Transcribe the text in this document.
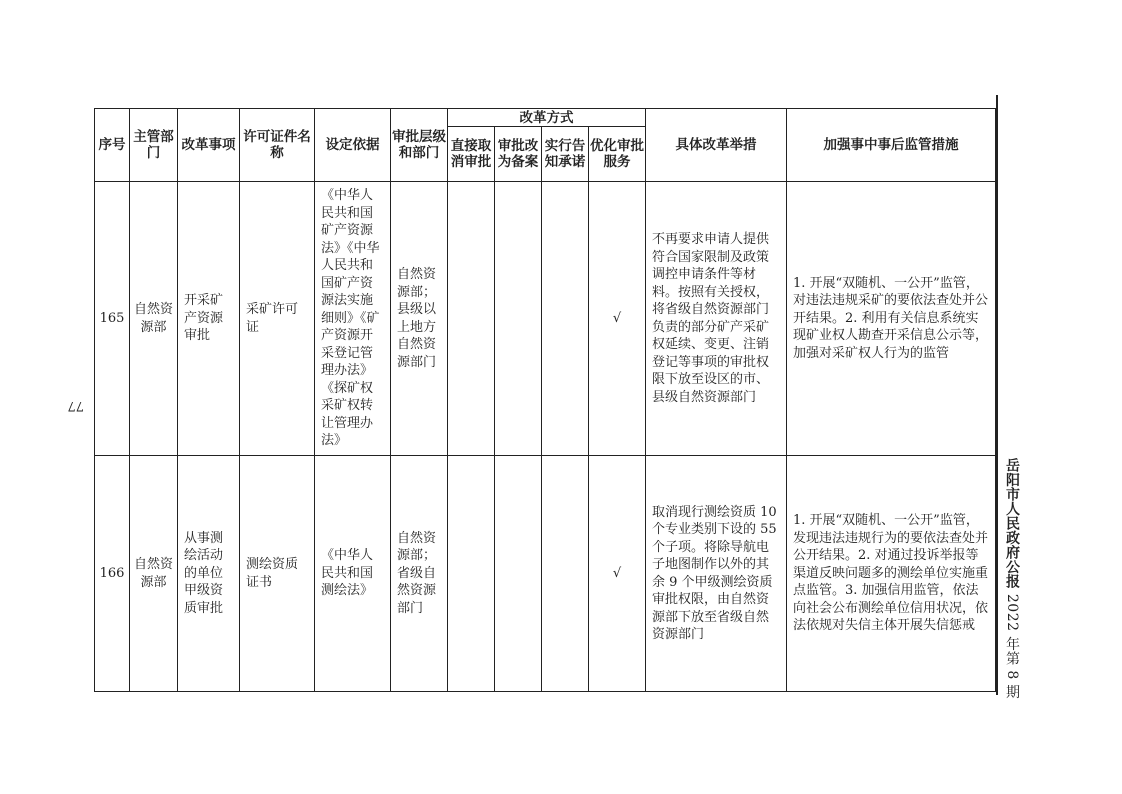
77
序号	主管部门	改革事项	许可证件名称	设定依据	审批层级和部门	改革方式				具体改革举措	加强事中事后监管措施
						直接取消审批	审批改为备案	实行告知承诺	优化审批服务		
165	自然资源部	开采矿产资源审批	采矿许可证	《中华人民共和国矿产资源法》《中华人民共和国矿产资源法实施细则》《矿产资源开采登记管理办法》《探矿权采矿权转让管理办法》	自然资源部；县级以上地方自然资源部门				√	不再要求申请人提供符合国家限制及政策调控申请条件等材料。按照有关授权，将省级自然资源部门负责的部分矿产采矿权延续、变更、注销登记等事项的审批权限下放至设区的市、县级自然资源部门	1. 开展“双随机、一公开”监管，对违法违规采矿的要依法查处并公开结果。2. 利用有关信息系统实现矿业权人勘查开采信息公示等，加强对采矿权人行为的监管
166	自然资源部	从事测绘活动的单位甲级资质审批	测绘资质证书	《中华人民共和国测绘法》	自然资源部；省级自然资源部门				√	取消现行测绘资质 10 个专业类别下设的 55 个子项。将除导航电子地图制作以外的其余 9 个甲级测绘资质审批权限，由自然资源部下放至省级自然资源部门	1. 开展“双随机、一公开”监管，发现违法违规行为的要依法查处并公开结果。2. 对通过投诉举报等渠道反映问题多的测绘单位实施重点监管。3. 加强信用监管，依法向社会公布测绘单位信用状况，依法依规对失信主体开展失信惩戒
岳阳市人民政府公报 2022 年第 8 期
